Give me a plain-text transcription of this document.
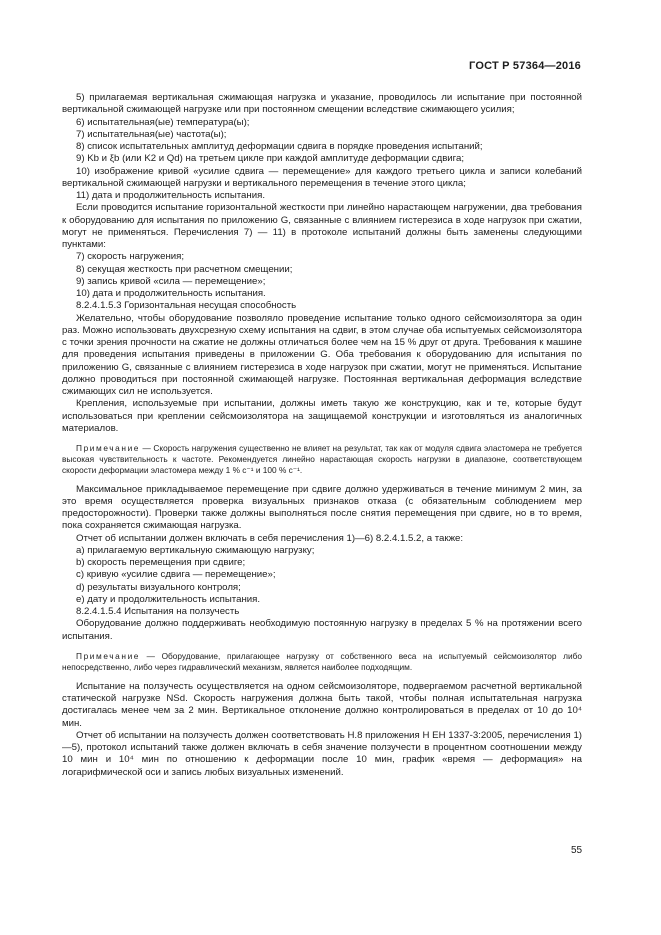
ГОСТ Р 57364—2016

5) прилагаемая вертикальная сжимающая нагрузка и указание, проводилось ли испытание при постоянной вертикальной сжимающей нагрузке или при постоянном смещении вследствие сжимающего усилия;

6) испытательная(ые) температура(ы);

7) испытательная(ые) частота(ы);

8) список испытательных амплитуд деформации сдвига в порядке проведения испытаний;

9) Kb и ξb (или K2 и Qd) на третьем цикле при каждой амплитуде деформации сдвига;

10) изображение кривой «усилие сдвига — перемещение» для каждого третьего цикла и записи колебаний вертикальной сжимающей нагрузки и вертикального перемещения в течение этого цикла;

11) дата и продолжительность испытания.

Если проводится испытание горизонтальной жесткости при линейно нарастающем нагружении, два требования к оборудованию для испытания по приложению G, связанные с влиянием гистерезиса в ходе нагрузок при сжатии, могут не применяться. Перечисления 7) — 11) в протоколе испытаний должны быть заменены следующими пунктами:

7) скорость нагружения;

8) секущая жесткость при расчетном смещении;

9) запись кривой «сила — перемещение»;

10) дата и продолжительность испытания.

8.2.4.1.5.3 Горизонтальная несущая способность

Желательно, чтобы оборудование позволяло проведение испытание только одного сейсмоизолятора за один раз. Можно использовать двухсрезную схему испытания на сдвиг, в этом случае оба испытуемых сейсмоизолятора с точки зрения прочности на сжатие не должны отличаться более чем на 15 % друг от друга. Требования к машине для проведения испытания приведены в приложении G. Оба требования к оборудованию для испытания по приложению G, связанные с влиянием гистерезиса в ходе нагрузок при сжатии, могут не применяться. Испытание должно проводиться при постоянной сжимающей нагрузке. Постоянная вертикальная деформация вследствие сжимающих сил не используется.

Крепления, используемые при испытании, должны иметь такую же конструкцию, как и те, которые будут использоваться при креплении сейсмоизолятора на защищаемой конструкции и изготовляться из аналогичных материалов.

Примечание — Скорость нагружения существенно не влияет на результат, так как от модуля сдвига эластомера не требуется высокая чувствительность к частоте. Рекомендуется линейно нарастающая скорость нагрузки в диапазоне, соответствующем скорости деформации эластомера между 1 % с⁻¹ и 100 % с⁻¹.

Максимальное прикладываемое перемещение при сдвиге должно удерживаться в течение минимум 2 мин, за это время осуществляется проверка визуальных признаков отказа (с обязательным соблюдением мер предосторожности). Проверки также должны выполняться после снятия перемещения при сдвиге, но в то время, пока сохраняется сжимающая нагрузка.

Отчет об испытании должен включать в себя перечисления 1)—6) 8.2.4.1.5.2, а также:

a) прилагаемую вертикальную сжимающую нагрузку;

b) скорость перемещения при сдвиге;

c) кривую «усилие сдвига — перемещение»;

d) результаты визуального контроля;

e) дату и продолжительность испытания.

8.2.4.1.5.4 Испытания на ползучесть

Оборудование должно поддерживать необходимую постоянную нагрузку в пределах 5 % на протяжении всего испытания.

Примечание — Оборудование, прилагающее нагрузку от собственного веса на испытуемый сейсмоизолятор либо непосредственно, либо через гидравлический механизм, является наиболее подходящим.

Испытание на ползучесть осуществляется на одном сейсмоизоляторе, подвергаемом расчетной вертикальной статической нагрузке NSd. Скорость нагружения должна быть такой, чтобы полная испытательная нагрузка достигалась менее чем за 2 мин. Вертикальное отклонение должно контролироваться в пределах от 10 до 10⁴ мин.

Отчет об испытании на ползучесть должен соответствовать Н.8 приложения H ЕН 1337-3:2005, перечисления 1)—5), протокол испытаний также должен включать в себя значение ползучести в процентном соотношении между 10 мин и 10⁴ мин по отношению к деформации после 10 мин, график «время — деформация» на логарифмической оси и запись любых визуальных изменений.

55
